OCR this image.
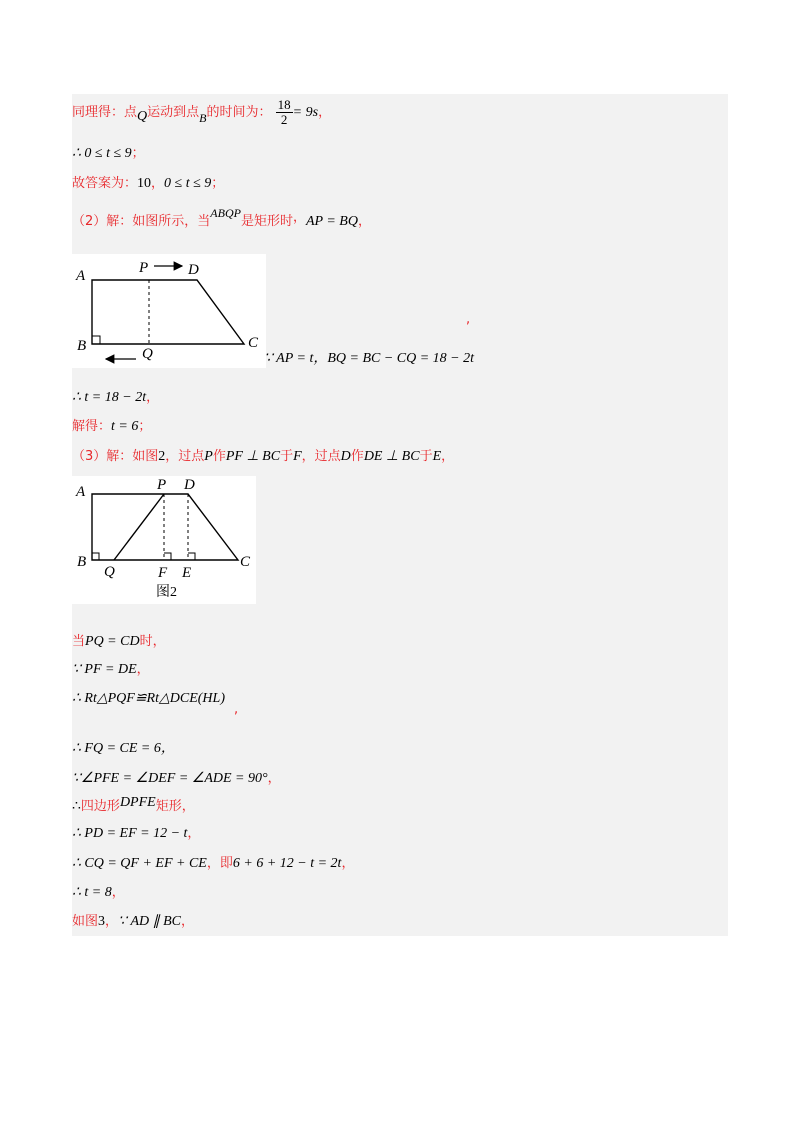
同理得：点Q运动到点B的时间为： $\frac{18}{2} = 9s$，
∴ 0 ≤ t ≤ 9；
故答案为：10，0 ≤ t ≤ 9；
（2）解：如图所示，当ABQP是矩形时，AP = BQ，
A	P	D
B	Q
C
,
∵ AP = t，BQ = BC − CQ = 18 − 2t
∴ t = 18 − 2t，
解得：t = 6；
（3）解：如图2，过点P作PF ⊥ BC于F，过点D作DE ⊥ BC于E，
A	P D
B
Q	F E
C
图2
当PQ = CD时，
∵ PF = DE，
∴ Rt△PQF≌Rt△DCE(HL)
,
∴ FQ = CE = 6，
∵∠PFE = ∠DEF = ∠ADE = 90°，
∴四边形DPFE矩形，
∴ PD = EF = 12 − t，
∴ CQ = QF + EF + CE，即6 + 6 + 12 − t = 2t，
∴ t = 8，
如图3，∵ AD ∥ BC，
